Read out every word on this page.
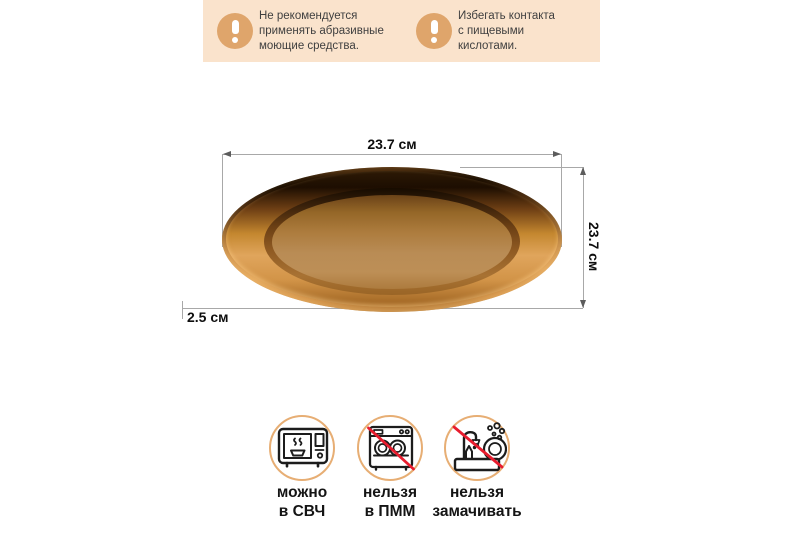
Не рекомендуется
применять абразивные
моющие средства.
Избегать контакта
с пищевыми
кислотами.
23.7 см
23.7 см
2.5 см
можно
в СВЧ
нельзя
в ПММ
нельзя
замачивать
